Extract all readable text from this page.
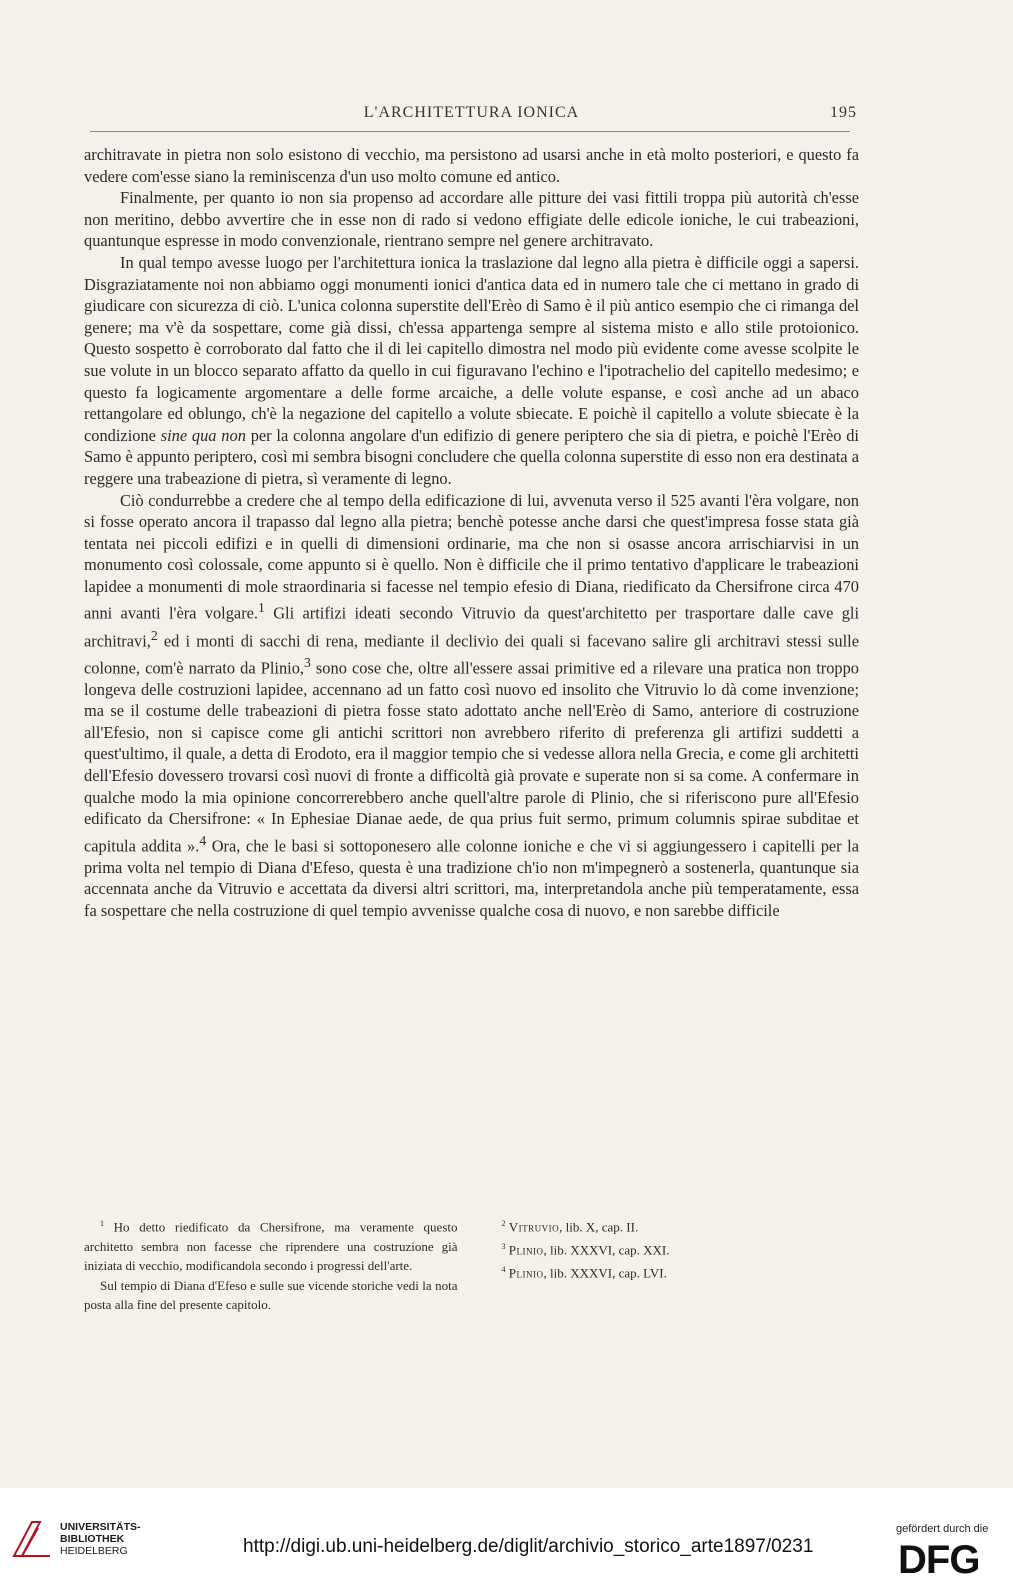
L'ARCHITETTURA IONICA	195

architravate in pietra non solo esistono di vecchio, ma persistono ad usarsi anche in età molto posteriori, e questo fa vedere com'esse siano la reminiscenza d'un uso molto comune ed antico.

Finalmente, per quanto io non sia propenso ad accordare alle pitture dei vasi fittili troppa più autorità ch'esse non meritino, debbo avvertire che in esse non di rado si vedono effigiate delle edicole ioniche, le cui trabeazioni, quantunque espresse in modo convenzionale, rientrano sempre nel genere architravato.

In qual tempo avesse luogo per l'architettura ionica la traslazione dal legno alla pietra è difficile oggi a sapersi. Disgraziatamente noi non abbiamo oggi monumenti ionici d'antica data ed in numero tale che ci mettano in grado di giudicare con sicurezza di ciò. L'unica colonna superstite dell'Erèo di Samo è il più antico esempio che ci rimanga del genere; ma v'è da sospettare, come già dissi, ch'essa appartenga sempre al sistema misto e allo stile protoionico. Questo sospetto è corroborato dal fatto che il di lei capitello dimostra nel modo più evidente come avesse scolpite le sue volute in un blocco separato affatto da quello in cui figuravano l'echino e l'ipotrachelio del capitello medesimo; e questo fa logicamente argomentare a delle forme arcaiche, a delle volute espanse, e così anche ad un abaco rettangolare ed oblungo, ch'è la negazione del capitello a volute sbiecate. E poichè il capitello a volute sbiecate è la condizione sine qua non per la colonna angolare d'un edifizio di genere periptero che sia di pietra, e poichè l'Erèo di Samo è appunto periptero, così mi sembra bisogni concludere che quella colonna superstite di esso non era destinata a reggere una trabeazione di pietra, sì veramente di legno.

Ciò condurrebbe a credere che al tempo della edificazione di lui, avvenuta verso il 525 avanti l'èra volgare, non si fosse operato ancora il trapasso dal legno alla pietra; benchè potesse anche darsi che quest'impresa fosse stata già tentata nei piccoli edifizi e in quelli di dimensioni ordinarie, ma che non si osasse ancora arrischiarvisi in un monumento così colossale, come appunto si è quello. Non è difficile che il primo tentativo d'applicare le trabeazioni lapidee a monumenti di mole straordinaria si facesse nel tempio efesio di Diana, riedificato da Chersifrone circa 470 anni avanti l'èra volgare.$^1$ Gli artifizi ideati secondo Vitruvio da quest'architetto per trasportare dalle cave gli architravi,$^2$ ed i monti di sacchi di rena, mediante il declivio dei quali si facevano salire gli architravi stessi sulle colonne, com'è narrato da Plinio,$^3$ sono cose che, oltre all'essere assai primitive ed a rilevare una pratica non troppo longeva delle costruzioni lapidee, accennano ad un fatto così nuovo ed insolito che Vitruvio lo dà come invenzione; ma se il costume delle trabeazioni di pietra fosse stato adottato anche nell'Erèo di Samo, anteriore di costruzione all'Efesio, non si capisce come gli antichi scrittori non avrebbero riferito di preferenza gli artifizi suddetti a quest'ultimo, il quale, a detta di Erodoto, era il maggior tempio che si vedesse allora nella Grecia, e come gli architetti dell'Efesio dovessero trovarsi così nuovi di fronte a difficoltà già provate e superate non si sa come. A confermare in qualche modo la mia opinione concorrerebbero anche quell'altre parole di Plinio, che si riferiscono pure all'Efesio edificato da Chersifrone: « In Ephesiae Dianae aede, de qua prius fuit sermo, primum columnis spirae subditae et capitula addita ».$^4$ Ora, che le basi si sottoponesero alle colonne ioniche e che vi si aggiungessero i capitelli per la prima volta nel tempio di Diana d'Efeso, questa è una tradizione ch'io non m'impegnerò a sostenerla, quantunque sia accennata anche da Vitruvio e accettata da diversi altri scrittori, ma, interpretandola anche più temperatamente, essa fa sospettare che nella costruzione di quel tempio avvenisse qualche cosa di nuovo, e non sarebbe difficile

$^1$ Ho detto riedificato da Chersifrone, ma veramente questo architetto sembra non facesse che riprendere una costruzione già iniziata di vecchio, modificandola secondo i progressi dell'arte.

Sul tempio di Diana d'Efeso e sulle sue vicende storiche vedi la nota posta alla fine del presente capitolo.

$^2$ Vitruvio, lib. X, cap. II.

$^3$ Plinio, lib. XXXVI, cap. XXI.

$^4$ Plinio, lib. XXXVI, cap. LVI.

UNIVERSITÄTS-
BIBLIOTHEK
HEIDELBERG	http://digi.ub.uni-heidelberg.de/diglit/archivio_storico_arte1897/0231
gefördert durch die
DFG
